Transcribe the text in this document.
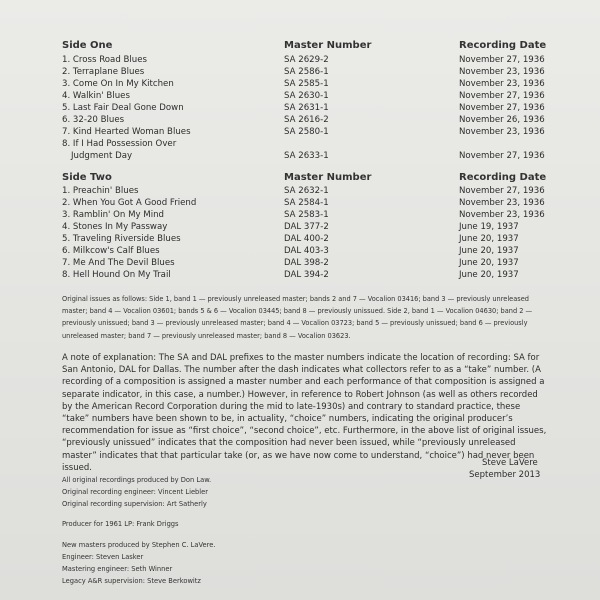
Side One	Master Number	Recording Date
1. Cross Road Blues	SA 2629-2	November 27, 1936
2. Terraplane Blues	SA 2586-1	November 23, 1936
3. Come On In My Kitchen	SA 2585-1	November 23, 1936
4. Walkin' Blues	SA 2630-1	November 27, 1936
5. Last Fair Deal Gone Down	SA 2631-1	November 27, 1936
6. 32-20 Blues	SA 2616-2	November 26, 1936
7. Kind Hearted Woman Blues	SA 2580-1	November 23, 1936
8. If I Had Possession Over
Judgment Day	SA 2633-1	November 27, 1936
Side Two	Master Number	Recording Date
1. Preachin' Blues	SA 2632-1	November 27, 1936
2. When You Got A Good Friend	SA 2584-1	November 23, 1936
3. Ramblin' On My Mind	SA 2583-1	November 23, 1936
4. Stones In My Passway	DAL 377-2	June 19, 1937
5. Traveling Riverside Blues	DAL 400-2	June 20, 1937
6. Milkcow's Calf Blues	DAL 403-3	June 20, 1937
7. Me And The Devil Blues	DAL 398-2	June 20, 1937
8. Hell Hound On My Trail	DAL 394-2	June 20, 1937
Original issues as follows: Side 1, band 1 — previously unreleased master; bands 2 and 7 — Vocalion 03416; band 3 — previously unreleased master; band 4 — Vocalion 03601; bands 5 & 6 — Vocalion 03445; band 8 — previously unissued. Side 2, band 1 — Vocalion 04630; band 2 — previously unissued; band 3 — previously unreleased master; band 4 — Vocalion 03723; band 5 — previously unissued; band 6 — previously unreleased master; band 7 — previously unreleased master; band 8 — Vocalion 03623.
A note of explanation: The SA and DAL prefixes to the master numbers indicate the location of recording: SA for San Antonio, DAL for Dallas. The number after the dash indicates what collectors refer to as a “take” number. (A recording of a composition is assigned a master number and each performance of that composition is assigned a separate indicator, in this case, a number.) However, in reference to Robert Johnson (as well as others recorded by the American Record Corporation during the mid to late-1930s) and contrary to standard practice, these “take” numbers have been shown to be, in actuality, “choice” numbers, indicating the original producer’s recommendation for issue as “first choice”, “second choice”, etc. Furthermore, in the above list of original issues, “previously unissued” indicates that the composition had never been issued, while “previously unreleased master” indicates that that particular take (or, as we have now come to understand, “choice”) had never been issued.	Steve LaVere
September 2013
All original recordings produced by Don Law.
Original recording engineer: Vincent Liebler
Original recording supervision: Art Satherly
Producer for 1961 LP: Frank Driggs
New masters produced by Stephen C. LaVere.
Engineer: Steven Lasker
Mastering engineer: Seth Winner
Legacy A&R supervision: Steve Berkowitz
